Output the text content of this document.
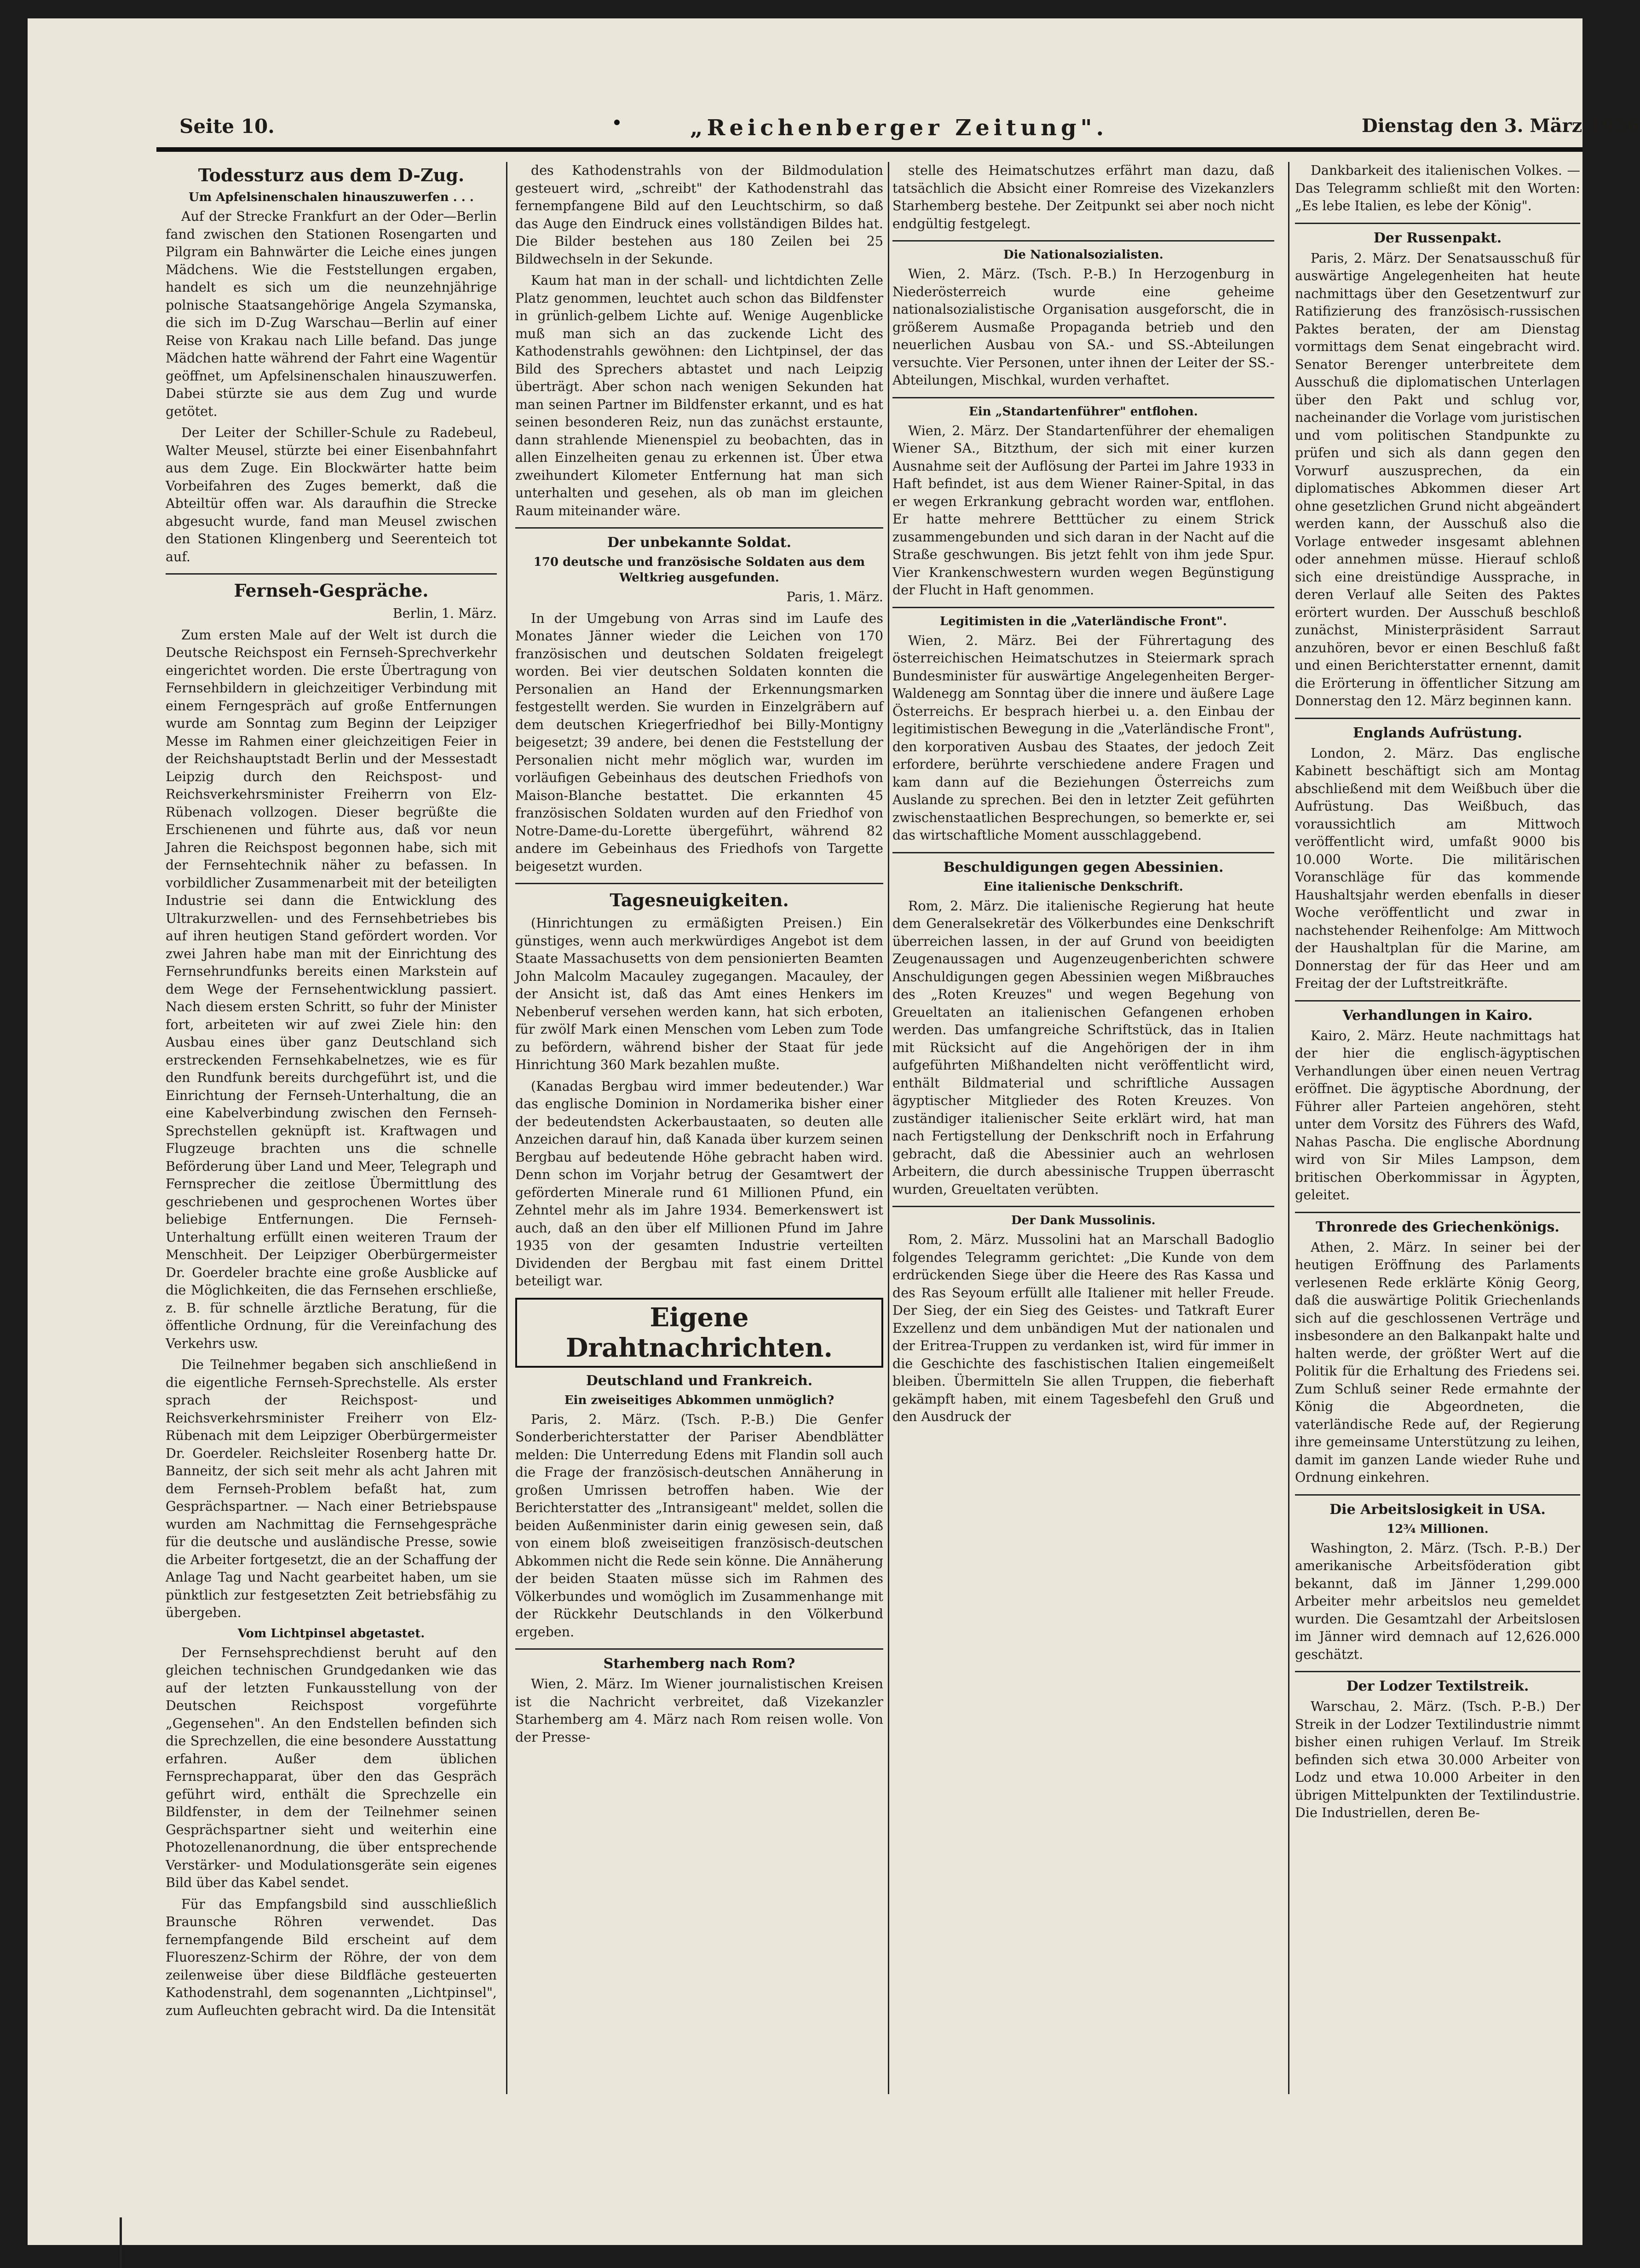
Seite 10.	„Reichenberger Zeitung".	Dienstag den 3. März 1936
Todessturz aus dem D-Zug.
Um Apfelsinenschalen hinauszuwerfen . . .

Auf der Strecke Frankfurt an der Oder—Berlin fand zwischen den Stationen Rosengarten und Pilgram ein Bahnwärter die Leiche eines jungen Mädchens. Wie die Feststellungen ergaben, handelt es sich um die neunzehnjährige polnische Staatsangehörige Angela Szymanska, die sich im D-Zug Warschau—Berlin auf einer Reise von Krakau nach Lille befand. Das junge Mädchen hatte während der Fahrt eine Wagentür geöffnet, um Apfelsinenschalen hinauszuwerfen. Dabei stürzte sie aus dem Zug und wurde getötet.

Der Leiter der Schiller-Schule zu Radebeul, Walter Meusel, stürzte bei einer Eisenbahnfahrt aus dem Zuge. Ein Blockwärter hatte beim Vorbeifahren des Zuges bemerkt, daß die Abteiltür offen war. Als daraufhin die Strecke abgesucht wurde, fand man Meusel zwischen den Stationen Klingenberg und Seerenteich tot auf.

Fernseh-Gespräche.

Berlin, 1. März.

Zum ersten Male auf der Welt ist durch die Deutsche Reichspost ein Fernseh-Sprechverkehr eingerichtet worden. Die erste Übertragung von Fernsehbildern in gleichzeitiger Verbindung mit einem Ferngespräch auf große Entfernungen wurde am Sonntag zum Beginn der Leipziger Messe im Rahmen einer gleichzeitigen Feier in der Reichshauptstadt Berlin und der Messestadt Leipzig durch den Reichspost- und Reichsverkehrsminister Freiherrn von Elz-Rübenach vollzogen. Dieser begrüßte die Erschienenen und führte aus, daß vor neun Jahren die Reichspost begonnen habe, sich mit der Fernsehtechnik näher zu befassen. In vorbildlicher Zusammenarbeit mit der beteiligten Industrie sei dann die Entwicklung des Ultrakurzwellen- und des Fernsehbetriebes bis auf ihren heutigen Stand gefördert worden. Vor zwei Jahren habe man mit der Einrichtung des Fernsehrundfunks bereits einen Markstein auf dem Wege der Fernsehentwicklung passiert. Nach diesem ersten Schritt, so fuhr der Minister fort, arbeiteten wir auf zwei Ziele hin: den Ausbau eines über ganz Deutschland sich erstreckenden Fernsehkabelnetzes, wie es für den Rundfunk bereits durchgeführt ist, und die Einrichtung der Fernseh-Unterhaltung, die an eine Kabelverbindung zwischen den Fernseh-Sprechstellen geknüpft ist. Kraftwagen und Flugzeuge brachten uns die schnelle Beförderung über Land und Meer, Telegraph und Fernsprecher die zeitlose Übermittlung des geschriebenen und gesprochenen Wortes über beliebige Entfernungen. Die Fernseh-Unterhaltung erfüllt einen weiteren Traum der Menschheit. Der Leipziger Oberbürgermeister Dr. Goerdeler brachte eine große Ausblicke auf die Möglichkeiten, die das Fernsehen erschließe, z. B. für schnelle ärztliche Beratung, für die öffentliche Ordnung, für die Vereinfachung des Verkehrs usw.

Die Teilnehmer begaben sich anschließend in die eigentliche Fernseh-Sprechstelle. Als erster sprach der Reichspost- und Reichsverkehrsminister Freiherr von Elz-Rübenach mit dem Leipziger Oberbürgermeister Dr. Goerdeler. Reichsleiter Rosenberg hatte Dr. Banneitz, der sich seit mehr als acht Jahren mit dem Fernseh-Problem befaßt hat, zum Gesprächspartner. — Nach einer Betriebspause wurden am Nachmittag die Fernsehgespräche für die deutsche und ausländische Presse, sowie die Arbeiter fortgesetzt, die an der Schaffung der Anlage Tag und Nacht gearbeitet haben, um sie pünktlich zur festgesetzten Zeit betriebsfähig zu übergeben.

Vom Lichtpinsel abgetastet.

Der Fernsehsprechdienst beruht auf den gleichen technischen Grundgedanken wie das auf der letzten Funkausstellung von der Deutschen Reichspost vorgeführte „Gegensehen". An den Endstellen befinden sich die Sprechzellen, die eine besondere Ausstattung erfahren. Außer dem üblichen Fernsprechapparat, über den das Gespräch geführt wird, enthält die Sprechzelle ein Bildfenster, in dem der Teilnehmer seinen Gesprächspartner sieht und weiterhin eine Photozellenanordnung, die über entsprechende Verstärker- und Modulationsgeräte sein eigenes Bild über das Kabel sendet.

Für das Empfangsbild sind ausschließlich Braunsche Röhren verwendet. Das fernempfangende Bild erscheint auf dem Fluoreszenz-Schirm der Röhre, der von dem zeilenweise über diese Bildfläche gesteuerten Kathodenstrahl, dem sogenannten „Lichtpinsel", zum Aufleuchten gebracht wird. Da die Intensität

des Kathodenstrahls von der Bildmodulation gesteuert wird, „schreibt" der Kathodenstrahl das fernempfangene Bild auf den Leuchtschirm, so daß das Auge den Eindruck eines vollständigen Bildes hat. Die Bilder bestehen aus 180 Zeilen bei 25 Bildwechseln in der Sekunde.

Kaum hat man in der schall- und lichtdichten Zelle Platz genommen, leuchtet auch schon das Bildfenster in grünlich-gelbem Lichte auf. Wenige Augenblicke muß man sich an das zuckende Licht des Kathodenstrahls gewöhnen: den Lichtpinsel, der das Bild des Sprechers abtastet und nach Leipzig überträgt. Aber schon nach wenigen Sekunden hat man seinen Partner im Bildfenster erkannt, und es hat seinen besonderen Reiz, nun das zunächst erstaunte, dann strahlende Mienenspiel zu beobachten, das in allen Einzelheiten genau zu erkennen ist. Über etwa zweihundert Kilometer Entfernung hat man sich unterhalten und gesehen, als ob man im gleichen Raum miteinander wäre.

Der unbekannte Soldat.
170 deutsche und französische Soldaten aus dem Weltkrieg ausgefunden.

Paris, 1. März.

In der Umgebung von Arras sind im Laufe des Monates Jänner wieder die Leichen von 170 französischen und deutschen Soldaten freigelegt worden. Bei vier deutschen Soldaten konnten die Personalien an Hand der Erkennungsmarken festgestellt werden. Sie wurden in Einzelgräbern auf dem deutschen Kriegerfriedhof bei Billy-Montigny beigesetzt; 39 andere, bei denen die Feststellung der Personalien nicht mehr möglich war, wurden im vorläufigen Gebeinhaus des deutschen Friedhofs von Maison-Blanche bestattet. Die erkannten 45 französischen Soldaten wurden auf den Friedhof von Notre-Dame-du-Lorette übergeführt, während 82 andere im Gebeinhaus des Friedhofs von Targette beigesetzt wurden.

Tagesneuigkeiten.

(Hinrichtungen zu ermäßigten Preisen.) Ein günstiges, wenn auch merkwürdiges Angebot ist dem Staate Massachusetts von dem pensionierten Beamten John Malcolm Macauley zugegangen. Macauley, der der Ansicht ist, daß das Amt eines Henkers im Nebenberuf versehen werden kann, hat sich erboten, für zwölf Mark einen Menschen vom Leben zum Tode zu befördern, während bisher der Staat für jede Hinrichtung 360 Mark bezahlen mußte.

(Kanadas Bergbau wird immer bedeutender.) War das englische Dominion in Nordamerika bisher einer der bedeutendsten Ackerbaustaaten, so deuten alle Anzeichen darauf hin, daß Kanada über kurzem seinen Bergbau auf bedeutende Höhe gebracht haben wird. Denn schon im Vorjahr betrug der Gesamtwert der geförderten Minerale rund 61 Millionen Pfund, ein Zehntel mehr als im Jahre 1934. Bemerkenswert ist auch, daß an den über elf Millionen Pfund im Jahre 1935 von der gesamten Industrie verteilten Dividenden der Bergbau mit fast einem Drittel beteiligt war.

Eigene Drahtnachrichten.
Deutschland und Frankreich.
Ein zweiseitiges Abkommen unmöglich?

Paris, 2. März. (Tsch. P.-B.) Die Genfer Sonderberichterstatter der Pariser Abendblätter melden: Die Unterredung Edens mit Flandin soll auch die Frage der französisch-deutschen Annäherung in großen Umrissen betroffen haben. Wie der Berichterstatter des „Intransigeant" meldet, sollen die beiden Außenminister darin einig gewesen sein, daß von einem bloß zweiseitigen französisch-deutschen Abkommen nicht die Rede sein könne. Die Annäherung der beiden Staaten müsse sich im Rahmen des Völkerbundes und womöglich im Zusammenhange mit der Rückkehr Deutschlands in den Völkerbund ergeben.

Starhemberg nach Rom?

Wien, 2. März. Im Wiener journalistischen Kreisen ist die Nachricht verbreitet, daß Vizekanzler Starhemberg am 4. März nach Rom reisen wolle. Von der Presse-

stelle des Heimatschutzes erfährt man dazu, daß tatsächlich die Absicht einer Romreise des Vizekanzlers Starhemberg bestehe. Der Zeitpunkt sei aber noch nicht endgültig festgelegt.

Die Nationalsozialisten.

Wien, 2. März. (Tsch. P.-B.) In Herzogenburg in Niederösterreich wurde eine geheime nationalsozialistische Organisation ausgeforscht, die in größerem Ausmaße Propaganda betrieb und den neuerlichen Ausbau von SA.- und SS.-Abteilungen versuchte. Vier Personen, unter ihnen der Leiter der SS.-Abteilungen, Mischkal, wurden verhaftet.

Ein „Standartenführer" entflohen.

Wien, 2. März. Der Standartenführer der ehemaligen Wiener SA., Bitzthum, der sich mit einer kurzen Ausnahme seit der Auflösung der Partei im Jahre 1933 in Haft befindet, ist aus dem Wiener Rainer-Spital, in das er wegen Erkrankung gebracht worden war, entflohen. Er hatte mehrere Betttücher zu einem Strick zusammengebunden und sich daran in der Nacht auf die Straße geschwungen. Bis jetzt fehlt von ihm jede Spur. Vier Krankenschwestern wurden wegen Begünstigung der Flucht in Haft genommen.

Legitimisten in die „Vaterländische Front".

Wien, 2. März. Bei der Führertagung des österreichischen Heimatschutzes in Steiermark sprach Bundesminister für auswärtige Angelegenheiten Berger-Waldenegg am Sonntag über die innere und äußere Lage Österreichs. Er besprach hierbei u. a. den Einbau der legitimistischen Bewegung in die „Vaterländische Front", den korporativen Ausbau des Staates, der jedoch Zeit erfordere, berührte verschiedene andere Fragen und kam dann auf die Beziehungen Österreichs zum Auslande zu sprechen. Bei den in letzter Zeit geführten zwischenstaatlichen Besprechungen, so bemerkte er, sei das wirtschaftliche Moment ausschlaggebend.

Beschuldigungen gegen Abessinien.
Eine italienische Denkschrift.

Rom, 2. März. Die italienische Regierung hat heute dem Generalsekretär des Völkerbundes eine Denkschrift überreichen lassen, in der auf Grund von beeidigten Zeugenaussagen und Augenzeugenberichten schwere Anschuldigungen gegen Abessinien wegen Mißbrauches des „Roten Kreuzes" und wegen Begehung von Greueltaten an italienischen Gefangenen erhoben werden. Das umfangreiche Schriftstück, das in Italien mit Rücksicht auf die Angehörigen der in ihm aufgeführten Mißhandelten nicht veröffentlicht wird, enthält Bildmaterial und schriftliche Aussagen ägyptischer Mitglieder des Roten Kreuzes. Von zuständiger italienischer Seite erklärt wird, hat man nach Fertigstellung der Denkschrift noch in Erfahrung gebracht, daß die Abessinier auch an wehrlosen Arbeitern, die durch abessinische Truppen überrascht wurden, Greueltaten verübten.

Der Dank Mussolinis.

Rom, 2. März. Mussolini hat an Marschall Badoglio folgendes Telegramm gerichtet: „Die Kunde von dem erdrückenden Siege über die Heere des Ras Kassa und des Ras Seyoum erfüllt alle Italiener mit heller Freude. Der Sieg, der ein Sieg des Geistes- und Tatkraft Eurer Exzellenz und dem unbändigen Mut der nationalen und der Eritrea-Truppen zu verdanken ist, wird für immer in die Geschichte des faschistischen Italien eingemeißelt bleiben. Übermitteln Sie allen Truppen, die fieberhaft gekämpft haben, mit einem Tagesbefehl den Gruß und den Ausdruck der

Dankbarkeit des italienischen Volkes. — Das Telegramm schließt mit den Worten: „Es lebe Italien, es lebe der König".

Der Russenpakt.

Paris, 2. März. Der Senatsausschuß für auswärtige Angelegenheiten hat heute nachmittags über den Gesetzentwurf zur Ratifizierung des französisch-russischen Paktes beraten, der am Dienstag vormittags dem Senat eingebracht wird. Senator Berenger unterbreitete dem Ausschuß die diplomatischen Unterlagen über den Pakt und schlug vor, nacheinander die Vorlage vom juristischen und vom politischen Standpunkte zu prüfen und sich als dann gegen den Vorwurf auszusprechen, da ein diplomatisches Abkommen dieser Art ohne gesetzlichen Grund nicht abgeändert werden kann, der Ausschuß also die Vorlage entweder insgesamt ablehnen oder annehmen müsse. Hierauf schloß sich eine dreistündige Aussprache, in deren Verlauf alle Seiten des Paktes erörtert wurden. Der Ausschuß beschloß zunächst, Ministerpräsident Sarraut anzuhören, bevor er einen Beschluß faßt und einen Berichterstatter ernennt, damit die Erörterung in öffentlicher Sitzung am Donnerstag den 12. März beginnen kann.

Englands Aufrüstung.

London, 2. März. Das englische Kabinett beschäftigt sich am Montag abschließend mit dem Weißbuch über die Aufrüstung. Das Weißbuch, das voraussichtlich am Mittwoch veröffentlicht wird, umfaßt 9000 bis 10.000 Worte. Die militärischen Voranschläge für das kommende Haushaltsjahr werden ebenfalls in dieser Woche veröffentlicht und zwar in nachstehender Reihenfolge: Am Mittwoch der Haushaltplan für die Marine, am Donnerstag der für das Heer und am Freitag der der Luftstreitkräfte.

Verhandlungen in Kairo.

Kairo, 2. März. Heute nachmittags hat der hier die englisch-ägyptischen Verhandlungen über einen neuen Vertrag eröffnet. Die ägyptische Abordnung, der Führer aller Parteien angehören, steht unter dem Vorsitz des Führers des Wafd, Nahas Pascha. Die englische Abordnung wird von Sir Miles Lampson, dem britischen Oberkommissar in Ägypten, geleitet.

Thronrede des Griechenkönigs.

Athen, 2. März. In seiner bei der heutigen Eröffnung des Parlaments verlesenen Rede erklärte König Georg, daß die auswärtige Politik Griechenlands sich auf die geschlossenen Verträge und insbesondere an den Balkanpakt halte und halten werde, der größter Wert auf die Politik für die Erhaltung des Friedens sei. Zum Schluß seiner Rede ermahnte der König die Abgeordneten, die vaterländische Rede auf, der Regierung ihre gemeinsame Unterstützung zu leihen, damit im ganzen Lande wieder Ruhe und Ordnung einkehren.

Die Arbeitslosigkeit in USA.
12¾ Millionen.

Washington, 2. März. (Tsch. P.-B.) Der amerikanische Arbeitsföderation gibt bekannt, daß im Jänner 1,299.000 Arbeiter mehr arbeitslos neu gemeldet wurden. Die Gesamtzahl der Arbeitslosen im Jänner wird demnach auf 12,626.000 geschätzt.

Der Lodzer Textilstreik.

Warschau, 2. März. (Tsch. P.-B.) Der Streik in der Lodzer Textilindustrie nimmt bisher einen ruhigen Verlauf. Im Streik befinden sich etwa 30.000 Arbeiter von Lodz und etwa 10.000 Arbeiter in den übrigen Mittelpunkten der Textilindustrie. Die Industriellen, deren Be-
